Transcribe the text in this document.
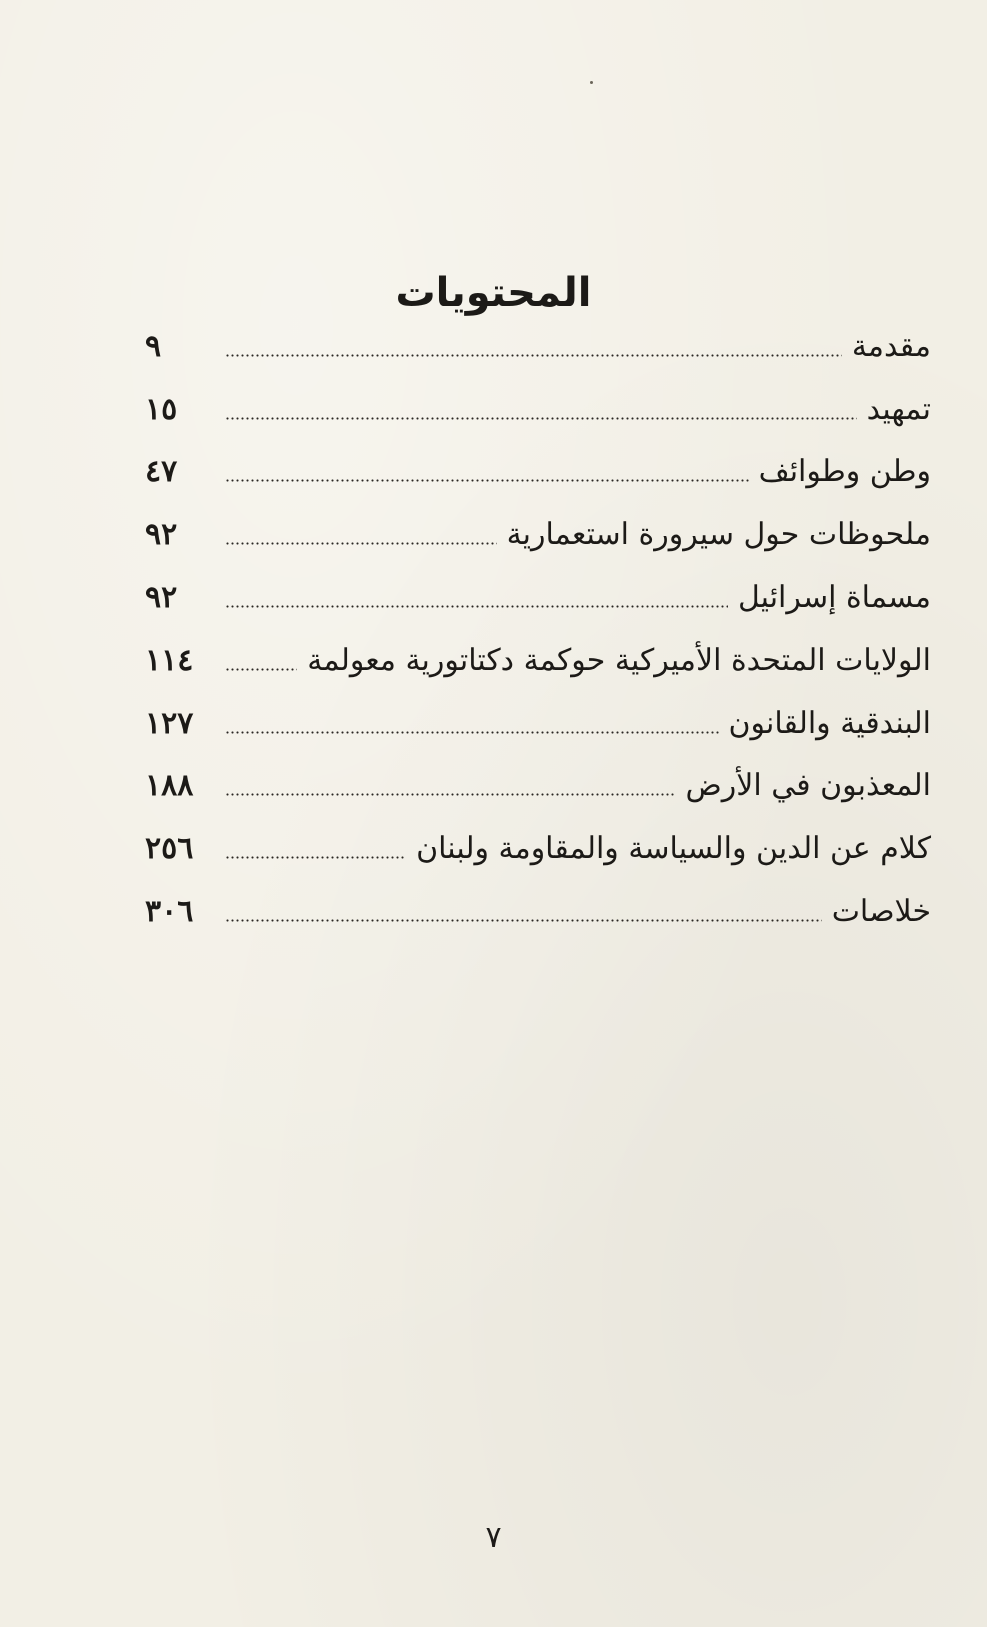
المحتويات
مقدمة
٩
تمهيد
١٥
وطن وطوائف
٤٧
ملحوظات حول سيرورة استعمارية
٩٢
مسماة إسرائيل
٩٢
الولايات المتحدة الأميركية حوكمة دكتاتورية معولمة
١١٤
البندقية والقانون
١٢٧
المعذبون في الأرض
١٨٨
كلام عن الدين والسياسة والمقاومة ولبنان
٢٥٦
خلاصات
٣٠٦
٧
